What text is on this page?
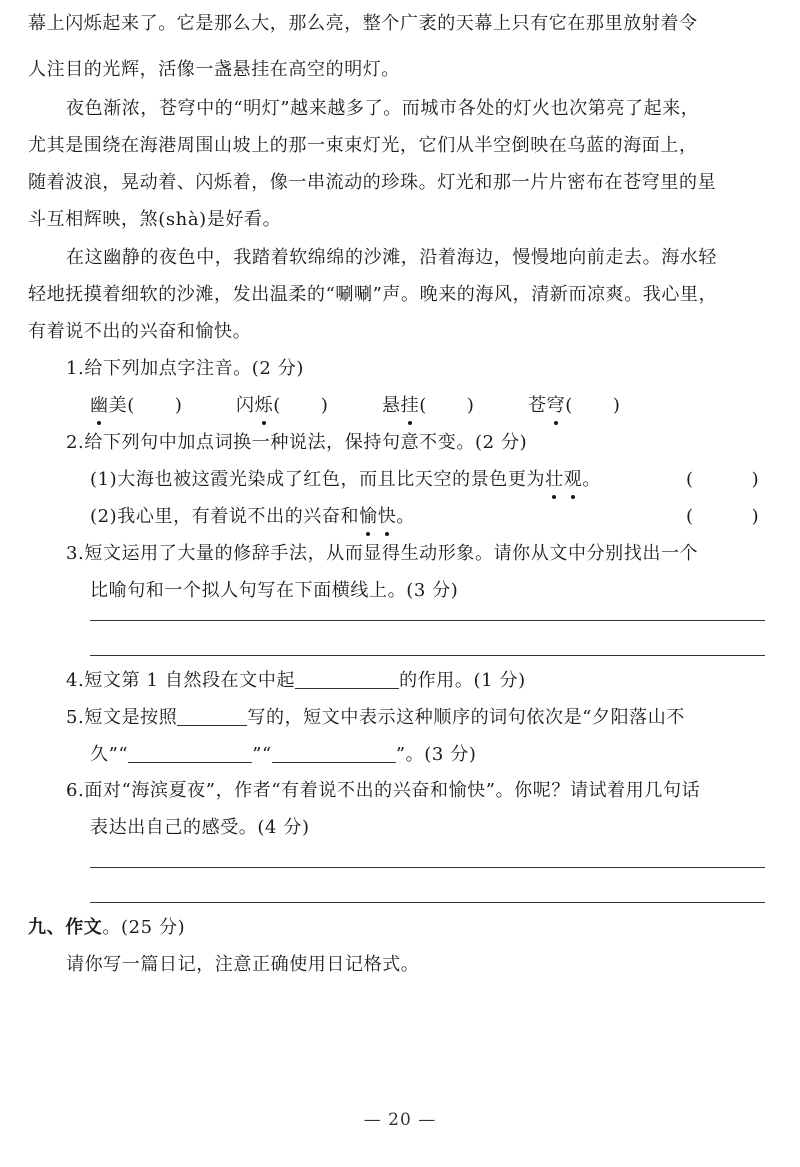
幕上闪烁起来了。它是那么大，那么亮，整个广袤的天幕上只有它在那里放射着令
人注目的光辉，活像一盏悬挂在高空的明灯。
夜色渐浓，苍穹中的“明灯”越来越多了。而城市各处的灯火也次第亮了起来，
尤其是围绕在海港周围山坡上的那一束束灯光，它们从半空倒映在乌蓝的海面上，
随着波浪，晃动着、闪烁着，像一串流动的珍珠。灯光和那一片片密布在苍穹里的星
斗互相辉映，煞(shà)是好看。
在这幽静的夜色中，我踏着软绵绵的沙滩，沿着海边，慢慢地向前走去。海水轻
轻地抚摸着细软的沙滩，发出温柔的“唰唰”声。晚来的海风，清新而凉爽。我心里，
有着说不出的兴奋和愉快。
1.给下列加点字注音。(2 分)
幽美( )	闪烁( )	悬挂( )	苍穹( )
2.给下列句中加点词换一种说法，保持句意不变。(2 分)
(1)大海也被这霞光染成了红色，而且比天空的景色更为壮观。	(	)
(2)我心里，有着说不出的兴奋和愉快。	(	)
3.短文运用了大量的修辞手法，从而显得生动形象。请你从文中分别找出一个
比喻句和一个拟人句写在下面横线上。(3 分)
4.短文第 1 自然段在文中起	的作用。(1 分)
5.短文是按照	写的，短文中表示这种顺序的词句依次是“夕阳落山不
久”“	”“	”。(3 分)
6.面对“海滨夏夜”，作者“有着说不出的兴奋和愉快”。你呢？请试着用几句话
表达出自己的感受。(4 分)
九、作文。(25 分)
请你写一篇日记，注意正确使用日记格式。
— 20 —
